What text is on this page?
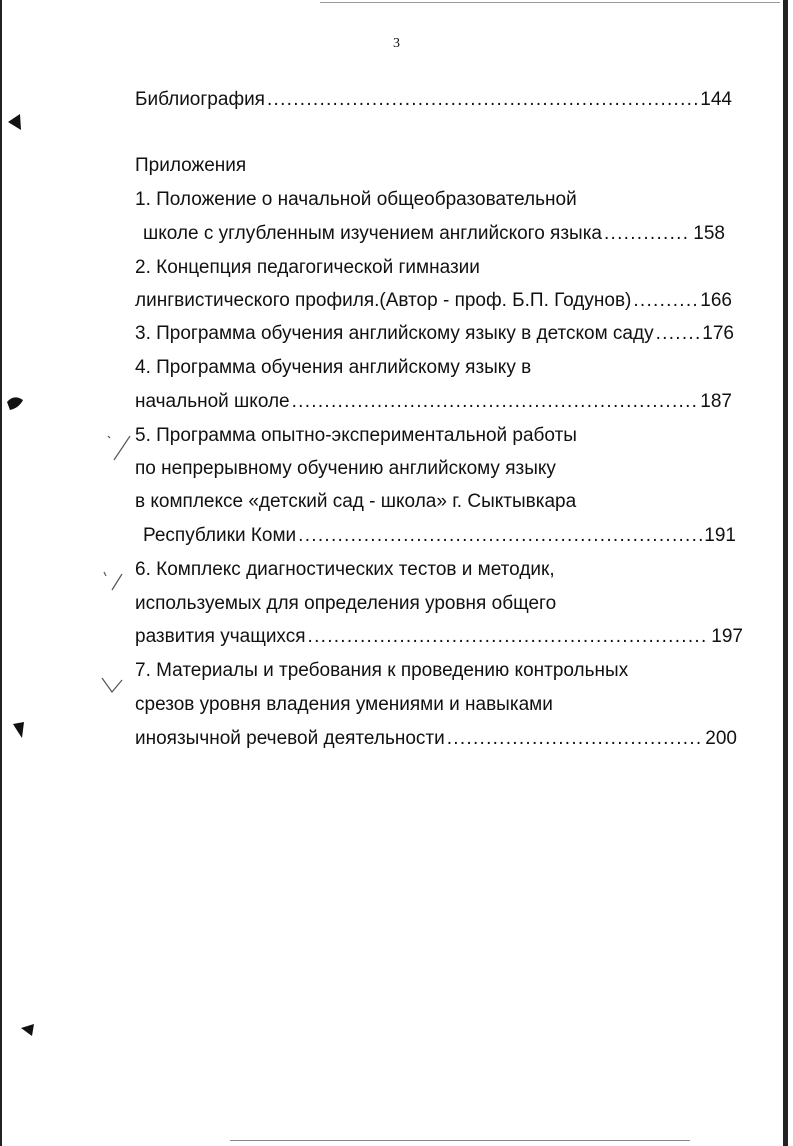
3
Библиография . . .	144
Приложения
1. Положение о начальной общеобразовательной
школе с углубленным изучением английского языка . . .	158
2. Концепция педагогической гимназии
лингвистического профиля.(Автор - проф. Б.П. Годунов) . . .	166
3. Программа обучения английскому языку в детском саду . . .	176
4. Программа обучения английскому языку в
начальной школе . . .	187
5. Программа опытно-экспериментальной работы
по непрерывному обучению английскому языку
в комплексе «детский сад - школа» г. Сыктывкара
Республики Коми . . .	191
6. Комплекс диагностических тестов и методик,
используемых для определения уровня общего
развития учащихся . . .	197
7. Материалы и требования к проведению контрольных
срезов уровня владения умениями и навыками
иноязычной речевой деятельности . . .	200
